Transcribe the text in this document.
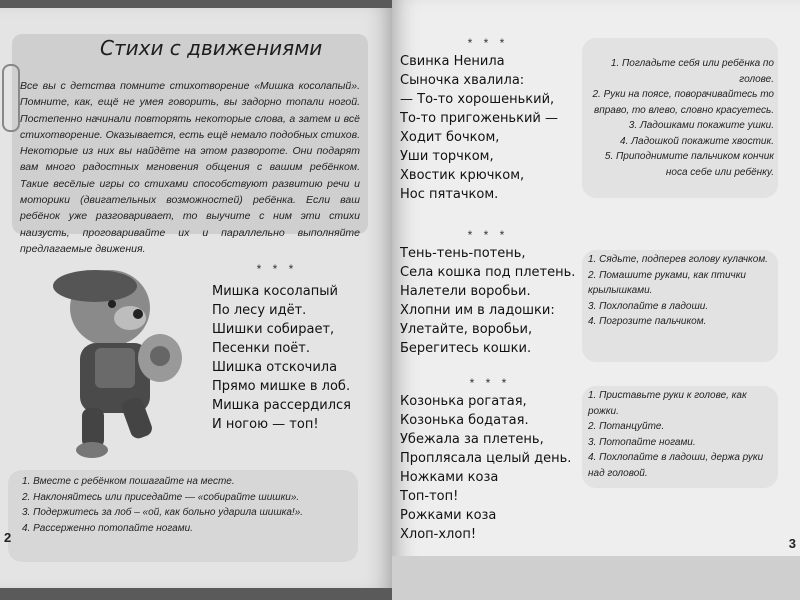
Стихи с движениями
Все вы с детства помните стихотворение «Мишка косолапый». Помните, как, ещё не умея говорить, вы задорно топали ногой. Постепенно начинали повторять некоторые слова, а затем и всё стихотворение. Оказывается, есть ещё немало подобных стихов. Некоторые из них вы найдёте на этом развороте. Они подарят вам много радостных мгновения общения с вашим ребёнком. Такие весёлые игры со стихами способствуют развитию речи и моторики (двигательных возможностей) ребёнка. Если ваш ребёнок уже разговаривает, то выучите с ним эти стихи наизусть, проговаривайте их и параллельно выполняйте предлагаемые движения.
* * *
Мишка косолапый
По лесу идёт.
Шишки собирает,
Песенки поёт.
Шишка отскочила
Прямо мишке в лоб.
Мишка рассердился
И ногою — топ!
1. Вместе с ребёнком пошагайте на месте.
2. Наклоняйтесь или приседайте — «собирайте шишки».
3. Подержитесь за лоб – «ой, как больно ударила шишка!».
4. Рассерженно потопайте ногами.
2
* * *
Свинка Ненила
Сыночка хвалила:
— То-то хорошенький,
То-то пригоженький —
Ходит бочком,
Уши торчком,
Хвостик крючком,
Нос пятачком.
1. Погладьте себя или ребёнка по голове.
2. Руки на поясе, поворачивайтесь то вправо, то влево, словно красуетесь.
3. Ладошками покажите ушки.
4. Ладошкой покажите хвостик.
5. Приподнимите пальчиком кончик носа себе или ребёнку.
* * *
Тень-тень-потень,
Села кошка под плетень.
Налетели воробьи.
Хлопни им в ладошки:
Улетайте, воробьи,
Берегитесь кошки.
1. Сядьте, подперев голову кулачком.
2. Помашите руками, как птички крылышками.
3. Похлопайте в ладоши.
4. Погрозите пальчиком.
* * *
Козонька рогатая,
Козонька бодатая.
Убежала за плетень,
Проплясала целый день.
Ножками коза
Топ-топ!
Рожками коза
Хлоп-хлоп!
1. Приставьте руки к голове, как рожки.
2. Потанцуйте.
3. Потопайте ногами.
4. Похлопайте в ладоши, держа руки над головой.
3
